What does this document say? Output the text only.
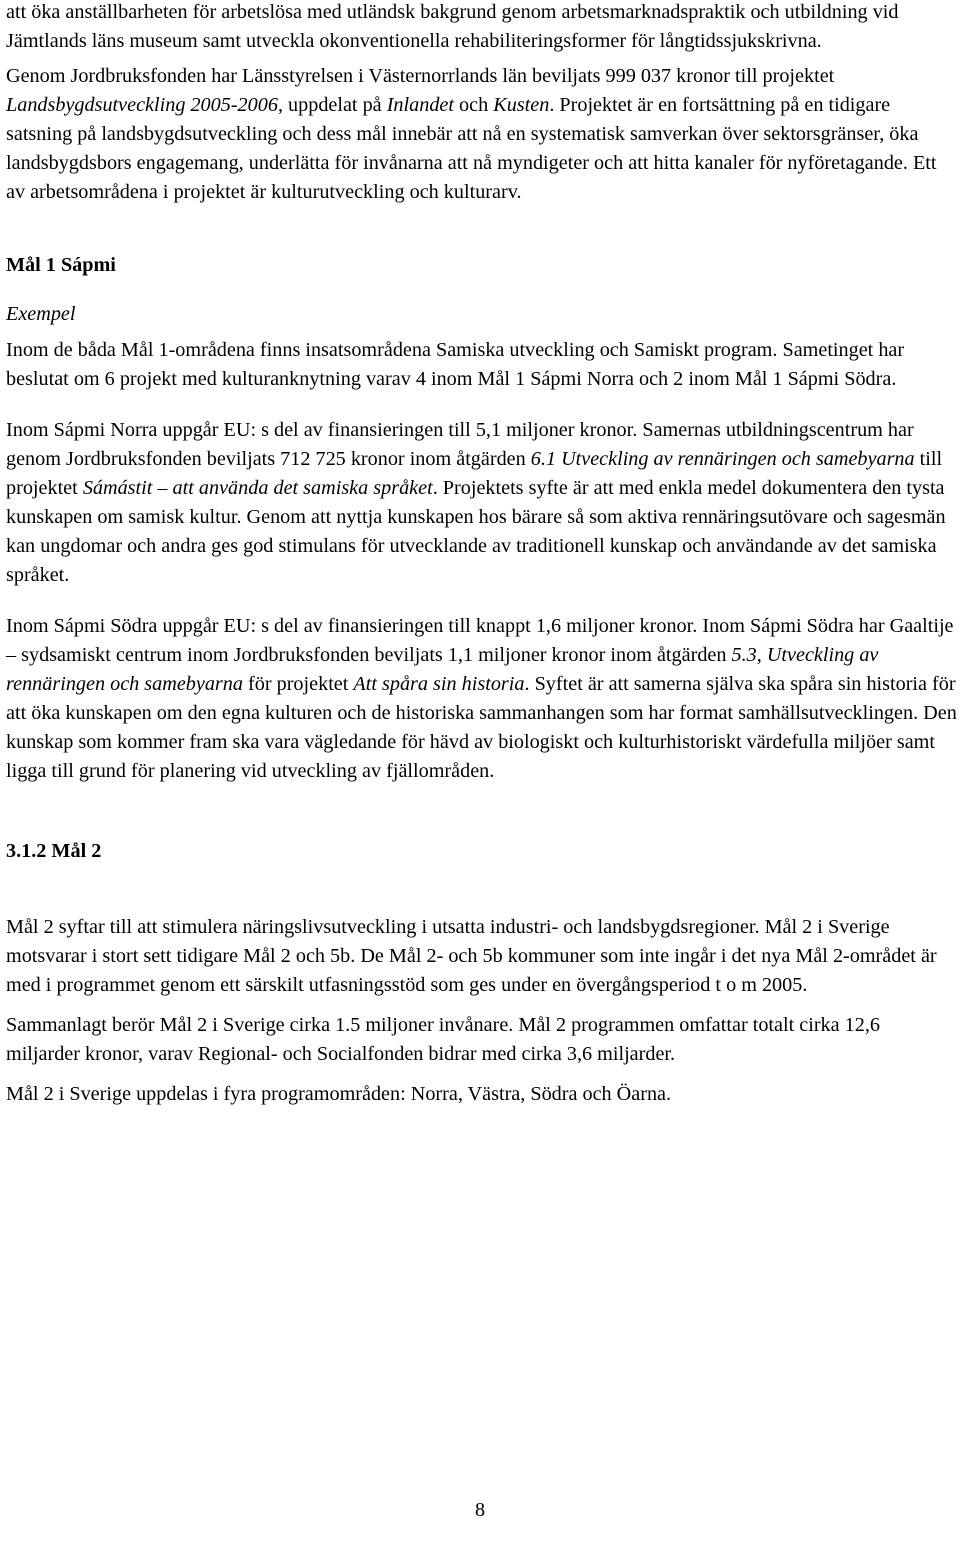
att öka anställbarheten för arbetslösa med utländsk bakgrund genom arbetsmarknadspraktik och utbildning vid Jämtlands läns museum samt utveckla okonventionella rehabiliteringsformer för långtidssjukskrivna.

Genom Jordbruksfonden har Länsstyrelsen i Västernorrlands län beviljats 999 037 kronor till projektet Landsbygdsutveckling 2005-2006, uppdelat på Inlandet och Kusten. Projektet är en fortsättning på en tidigare satsning på landsbygdsutveckling och dess mål innebär att nå en systematisk samverkan över sektorsgränser, öka landsbygdsbors engagemang, underlätta för invånarna att nå myndigeter och att hitta kanaler för nyföretagande. Ett av arbetsområdena i projektet är kulturutveckling och kulturarv.

Mål 1 Sápmi

Exempel

Inom de båda Mål 1-områdena finns insatsområdena Samiska utveckling och Samiskt program. Sametinget har beslutat om 6 projekt med kulturanknytning varav 4 inom Mål 1 Sápmi Norra och 2 inom Mål 1 Sápmi Södra.

Inom Sápmi Norra uppgår EU: s del av finansieringen till 5,1 miljoner kronor. Samernas utbildningscentrum har genom Jordbruksfonden beviljats 712 725 kronor inom åtgärden 6.1 Utveckling av rennäringen och samebyarna till projektet Sámástit – att använda det samiska språket. Projektets syfte är att med enkla medel dokumentera den tysta kunskapen om samisk kultur. Genom att nyttja kunskapen hos bärare så som aktiva rennäringsutövare och sagesmän kan ungdomar och andra ges god stimulans för utvecklande av traditionell kunskap och användande av det samiska språket.

Inom Sápmi Södra uppgår EU: s del av finansieringen till knappt 1,6 miljoner kronor. Inom Sápmi Södra har Gaaltije – sydsamiskt centrum inom Jordbruksfonden beviljats 1,1 miljoner kronor inom åtgärden 5.3, Utveckling av rennäringen och samebyarna för projektet Att spåra sin historia. Syftet är att samerna själva ska spåra sin historia för att öka kunskapen om den egna kulturen och de historiska sammanhangen som har format samhällsutvecklingen. Den kunskap som kommer fram ska vara vägledande för hävd av biologiskt och kulturhistoriskt värdefulla miljöer samt ligga till grund för planering vid utveckling av fjällområden.

3.1.2 Mål 2

Mål 2 syftar till att stimulera näringslivsutveckling i utsatta industri- och landsbygdsregioner. Mål 2 i Sverige motsvarar i stort sett tidigare Mål 2 och 5b. De Mål 2- och 5b kommuner som inte ingår i det nya Mål 2-området är med i programmet genom ett särskilt utfasningsstöd som ges under en övergångsperiod t o m 2005.

Sammanlagt berör Mål 2 i Sverige cirka 1.5 miljoner invånare. Mål 2 programmen omfattar totalt cirka 12,6 miljarder kronor, varav Regional- och Socialfonden bidrar med cirka 3,6 miljarder.

Mål 2 i Sverige uppdelas i fyra programområden: Norra, Västra, Södra och Öarna.

8
